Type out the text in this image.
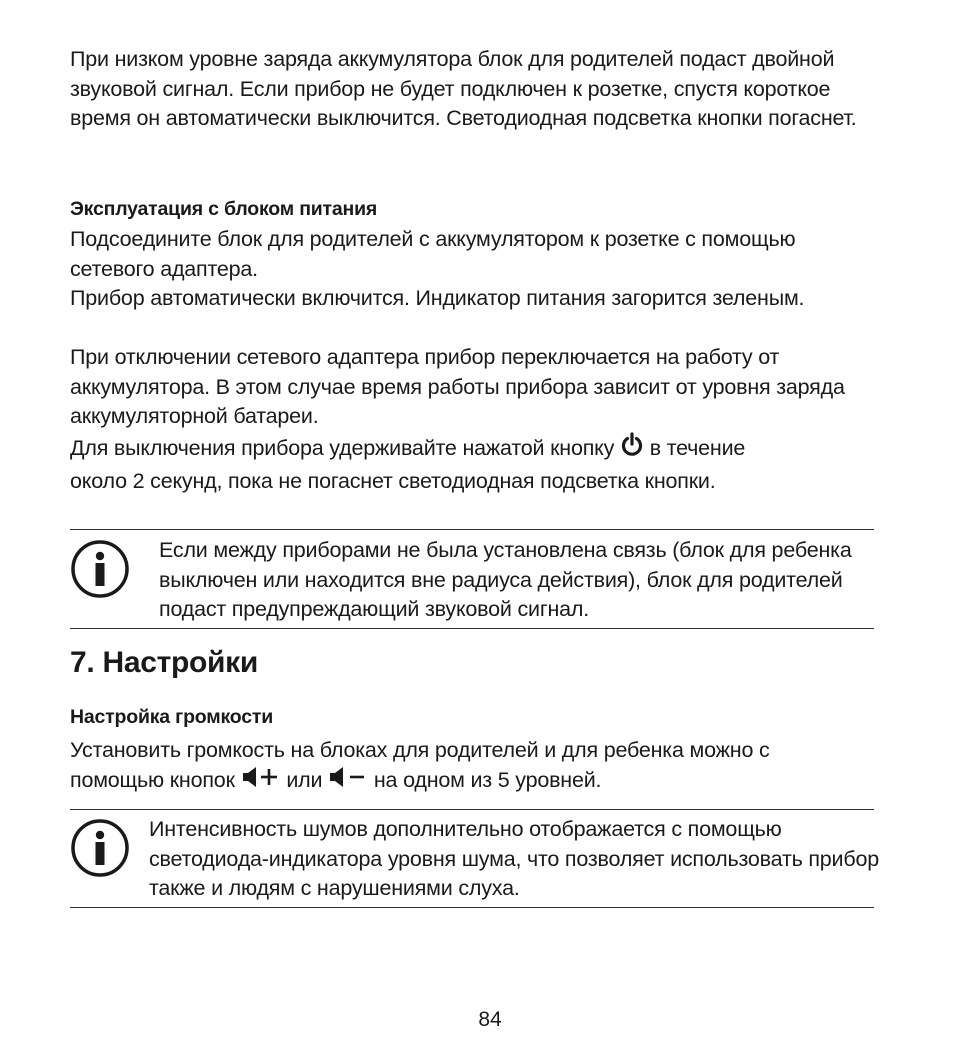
При низком уровне заряда аккумулятора блок для родителей подаст двойной звуковой сигнал. Если прибор не будет подключен к розетке, спустя короткое время он автоматически выключится. Светодиодная подсветка кнопки погаснет.

Эксплуатация с блоком питания

Подсоедините блок для родителей с аккумулятором к розетке с помощью сетевого адаптера.

Прибор автоматически включится. Индикатор питания загорится зеленым.

При отключении сетевого адаптера прибор переключается на работу от аккумулятора. В этом случае время работы прибора зависит от уровня заряда аккумуляторной батареи.

Для выключения прибора удерживайте нажатой кнопку в течение
около 2 секунд, пока не погаснет светодиодная подсветка кнопки.

Если между приборами не была установлена связь (блок для ребенка выключен или находится вне радиуса действия), блок для родителей подаст предупреждающий звуковой сигнал.

7. Настройки

Настройка громкости

Установить громкость на блоках для родителей и для ребенка можно с
помощью кнопок или на одном из 5 уровней.

Интенсивность шумов дополнительно отображается с помощью светодиода-индикатора уровня шума, что позволяет использовать прибор также и людям с нарушениями слуха.

84
